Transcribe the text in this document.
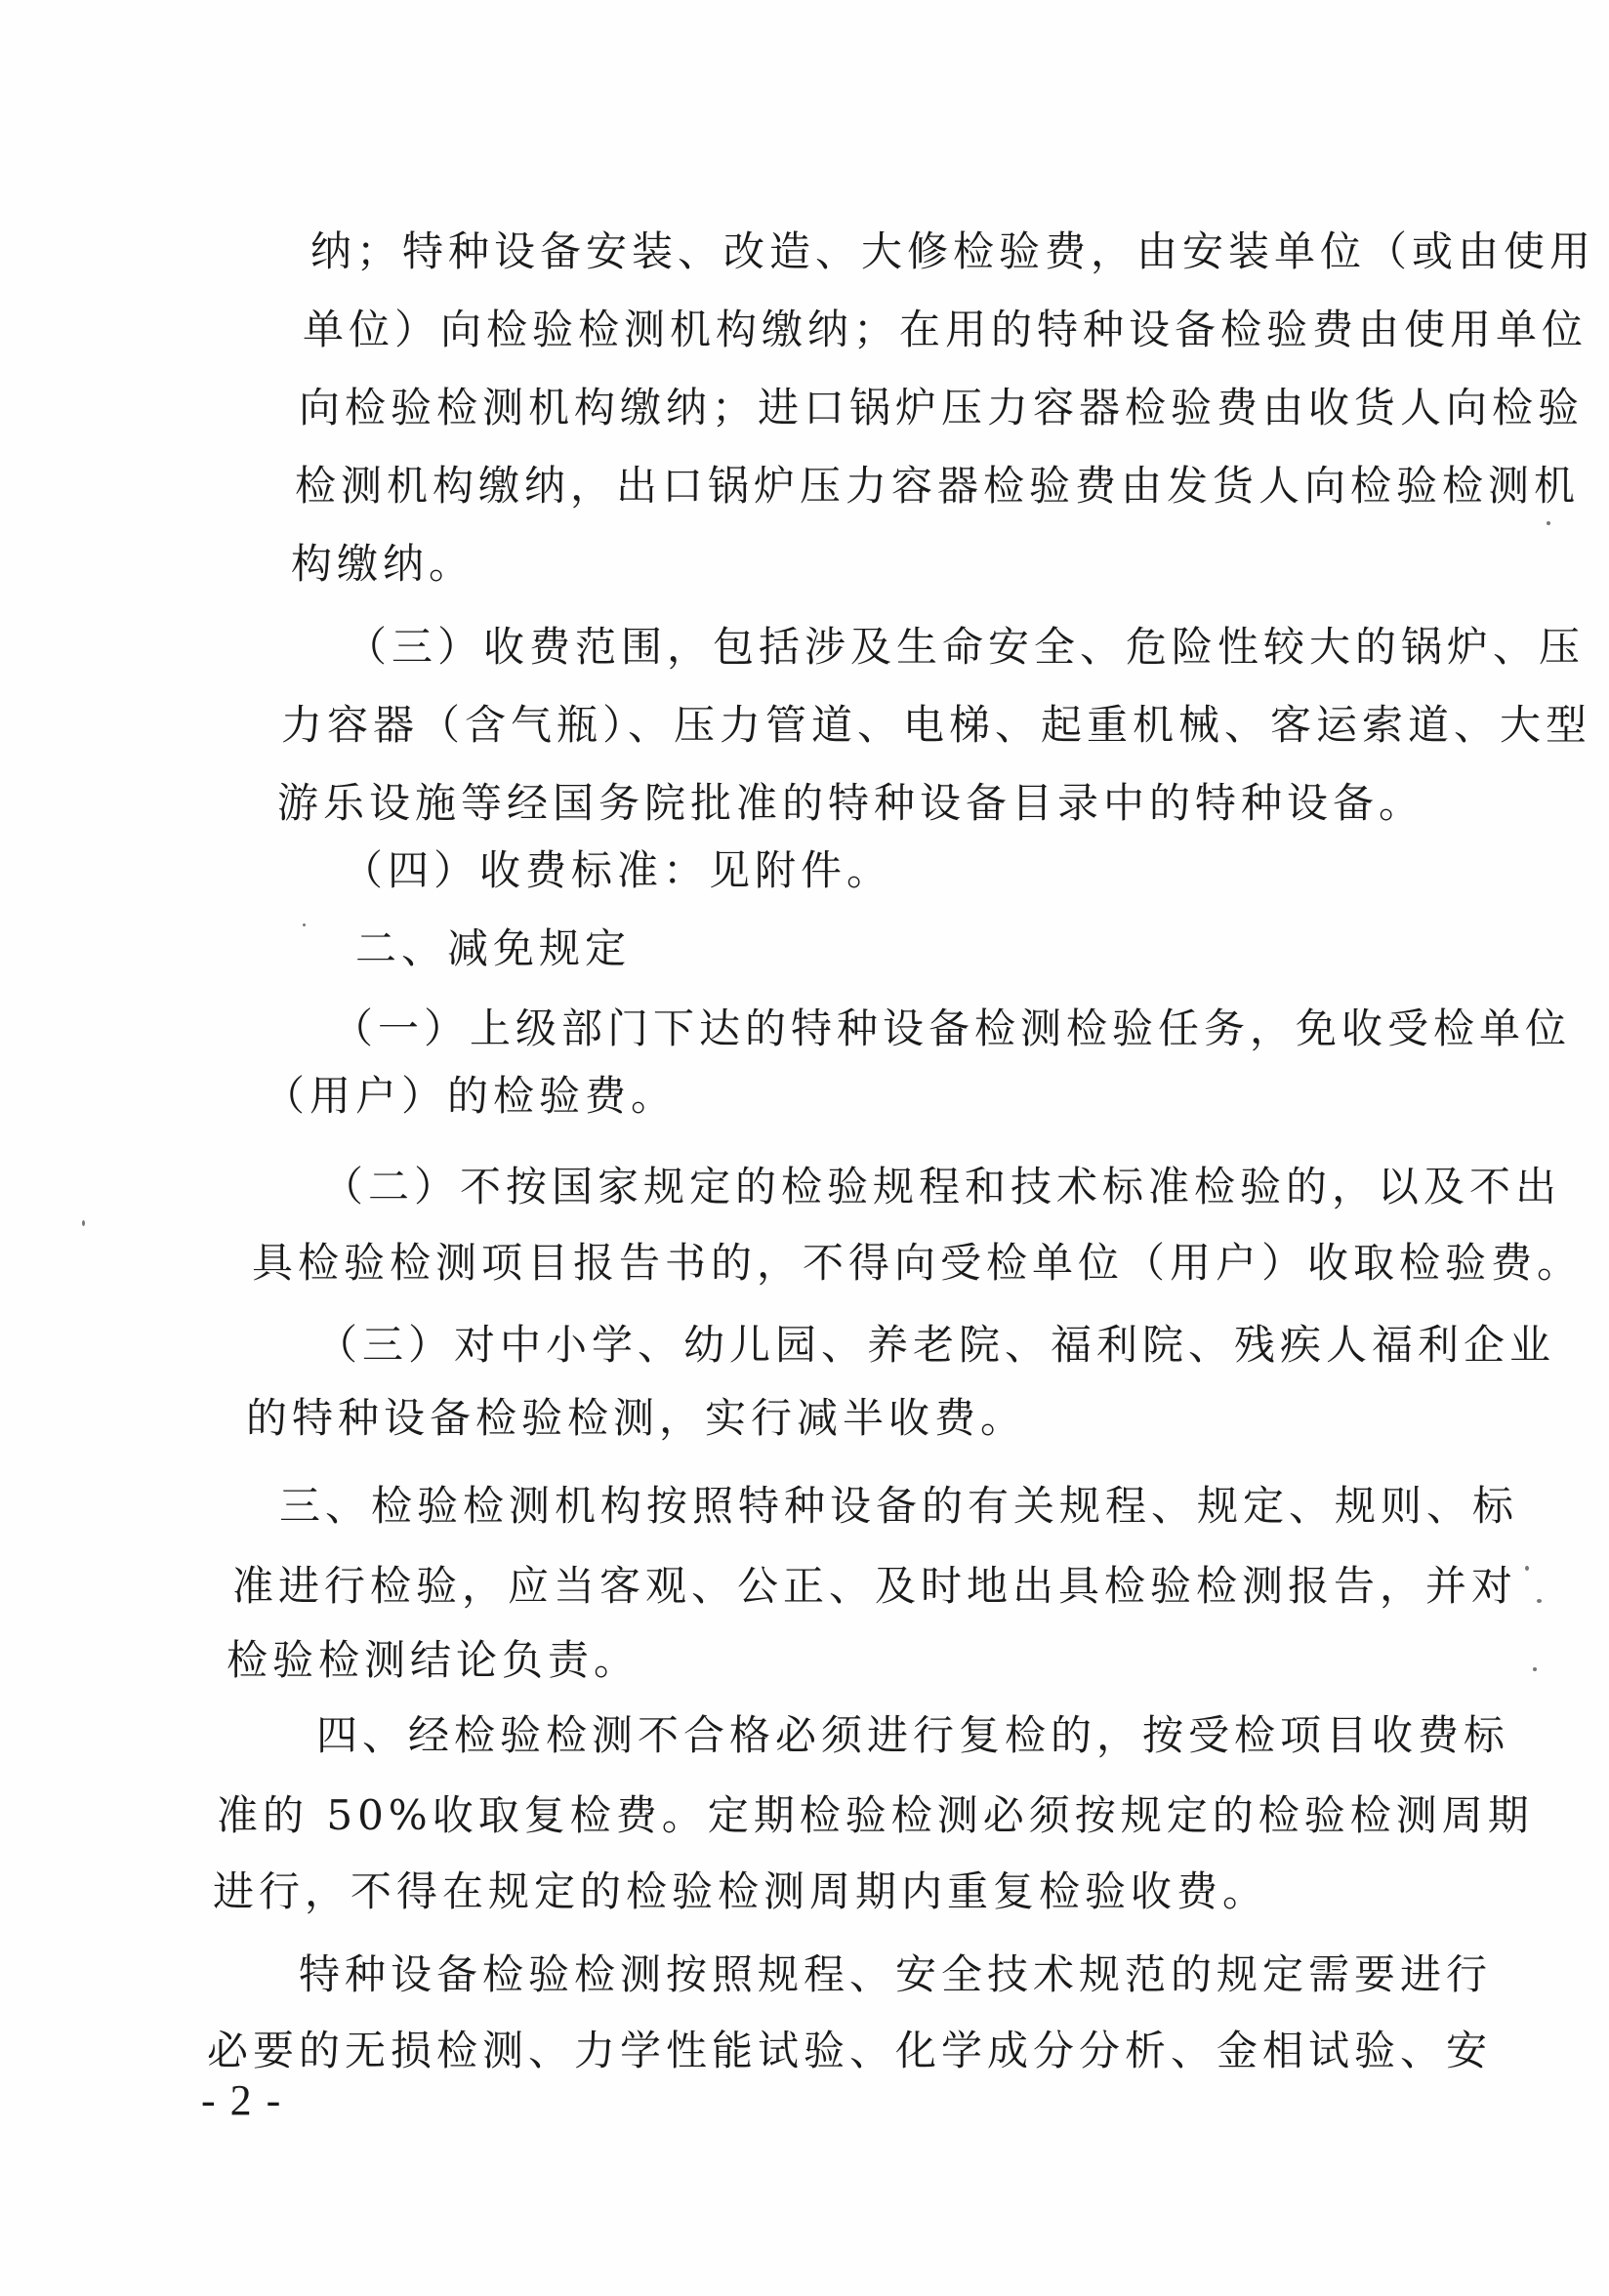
纳；特种设备安装、改造、大修检验费，由安装单位（或由使用
单位）向检验检测机构缴纳；在用的特种设备检验费由使用单位
向检验检测机构缴纳；进口锅炉压力容器检验费由收货人向检验
检测机构缴纳，出口锅炉压力容器检验费由发货人向检验检测机
构缴纳。
（三）收费范围，包括涉及生命安全、危险性较大的锅炉、压
力容器（含气瓶）、压力管道、电梯、起重机械、客运索道、大型
游乐设施等经国务院批准的特种设备目录中的特种设备。
（四）收费标准：见附件。
二、减免规定
（一）上级部门下达的特种设备检测检验任务，免收受检单位
（用户）的检验费。
（二）不按国家规定的检验规程和技术标准检验的，以及不出
具检验检测项目报告书的，不得向受检单位（用户）收取检验费。
（三）对中小学、幼儿园、养老院、福利院、残疾人福利企业
的特种设备检验检测，实行减半收费。
三、检验检测机构按照特种设备的有关规程、规定、规则、标
准进行检验，应当客观、公正、及时地出具检验检测报告，并对
检验检测结论负责。
四、经检验检测不合格必须进行复检的，按受检项目收费标
准的 50%收取复检费。定期检验检测必须按规定的检验检测周期
进行，不得在规定的检验检测周期内重复检验收费。
特种设备检验检测按照规程、安全技术规范的规定需要进行
必要的无损检测、力学性能试验、化学成分分析、金相试验、安
- 2 -
